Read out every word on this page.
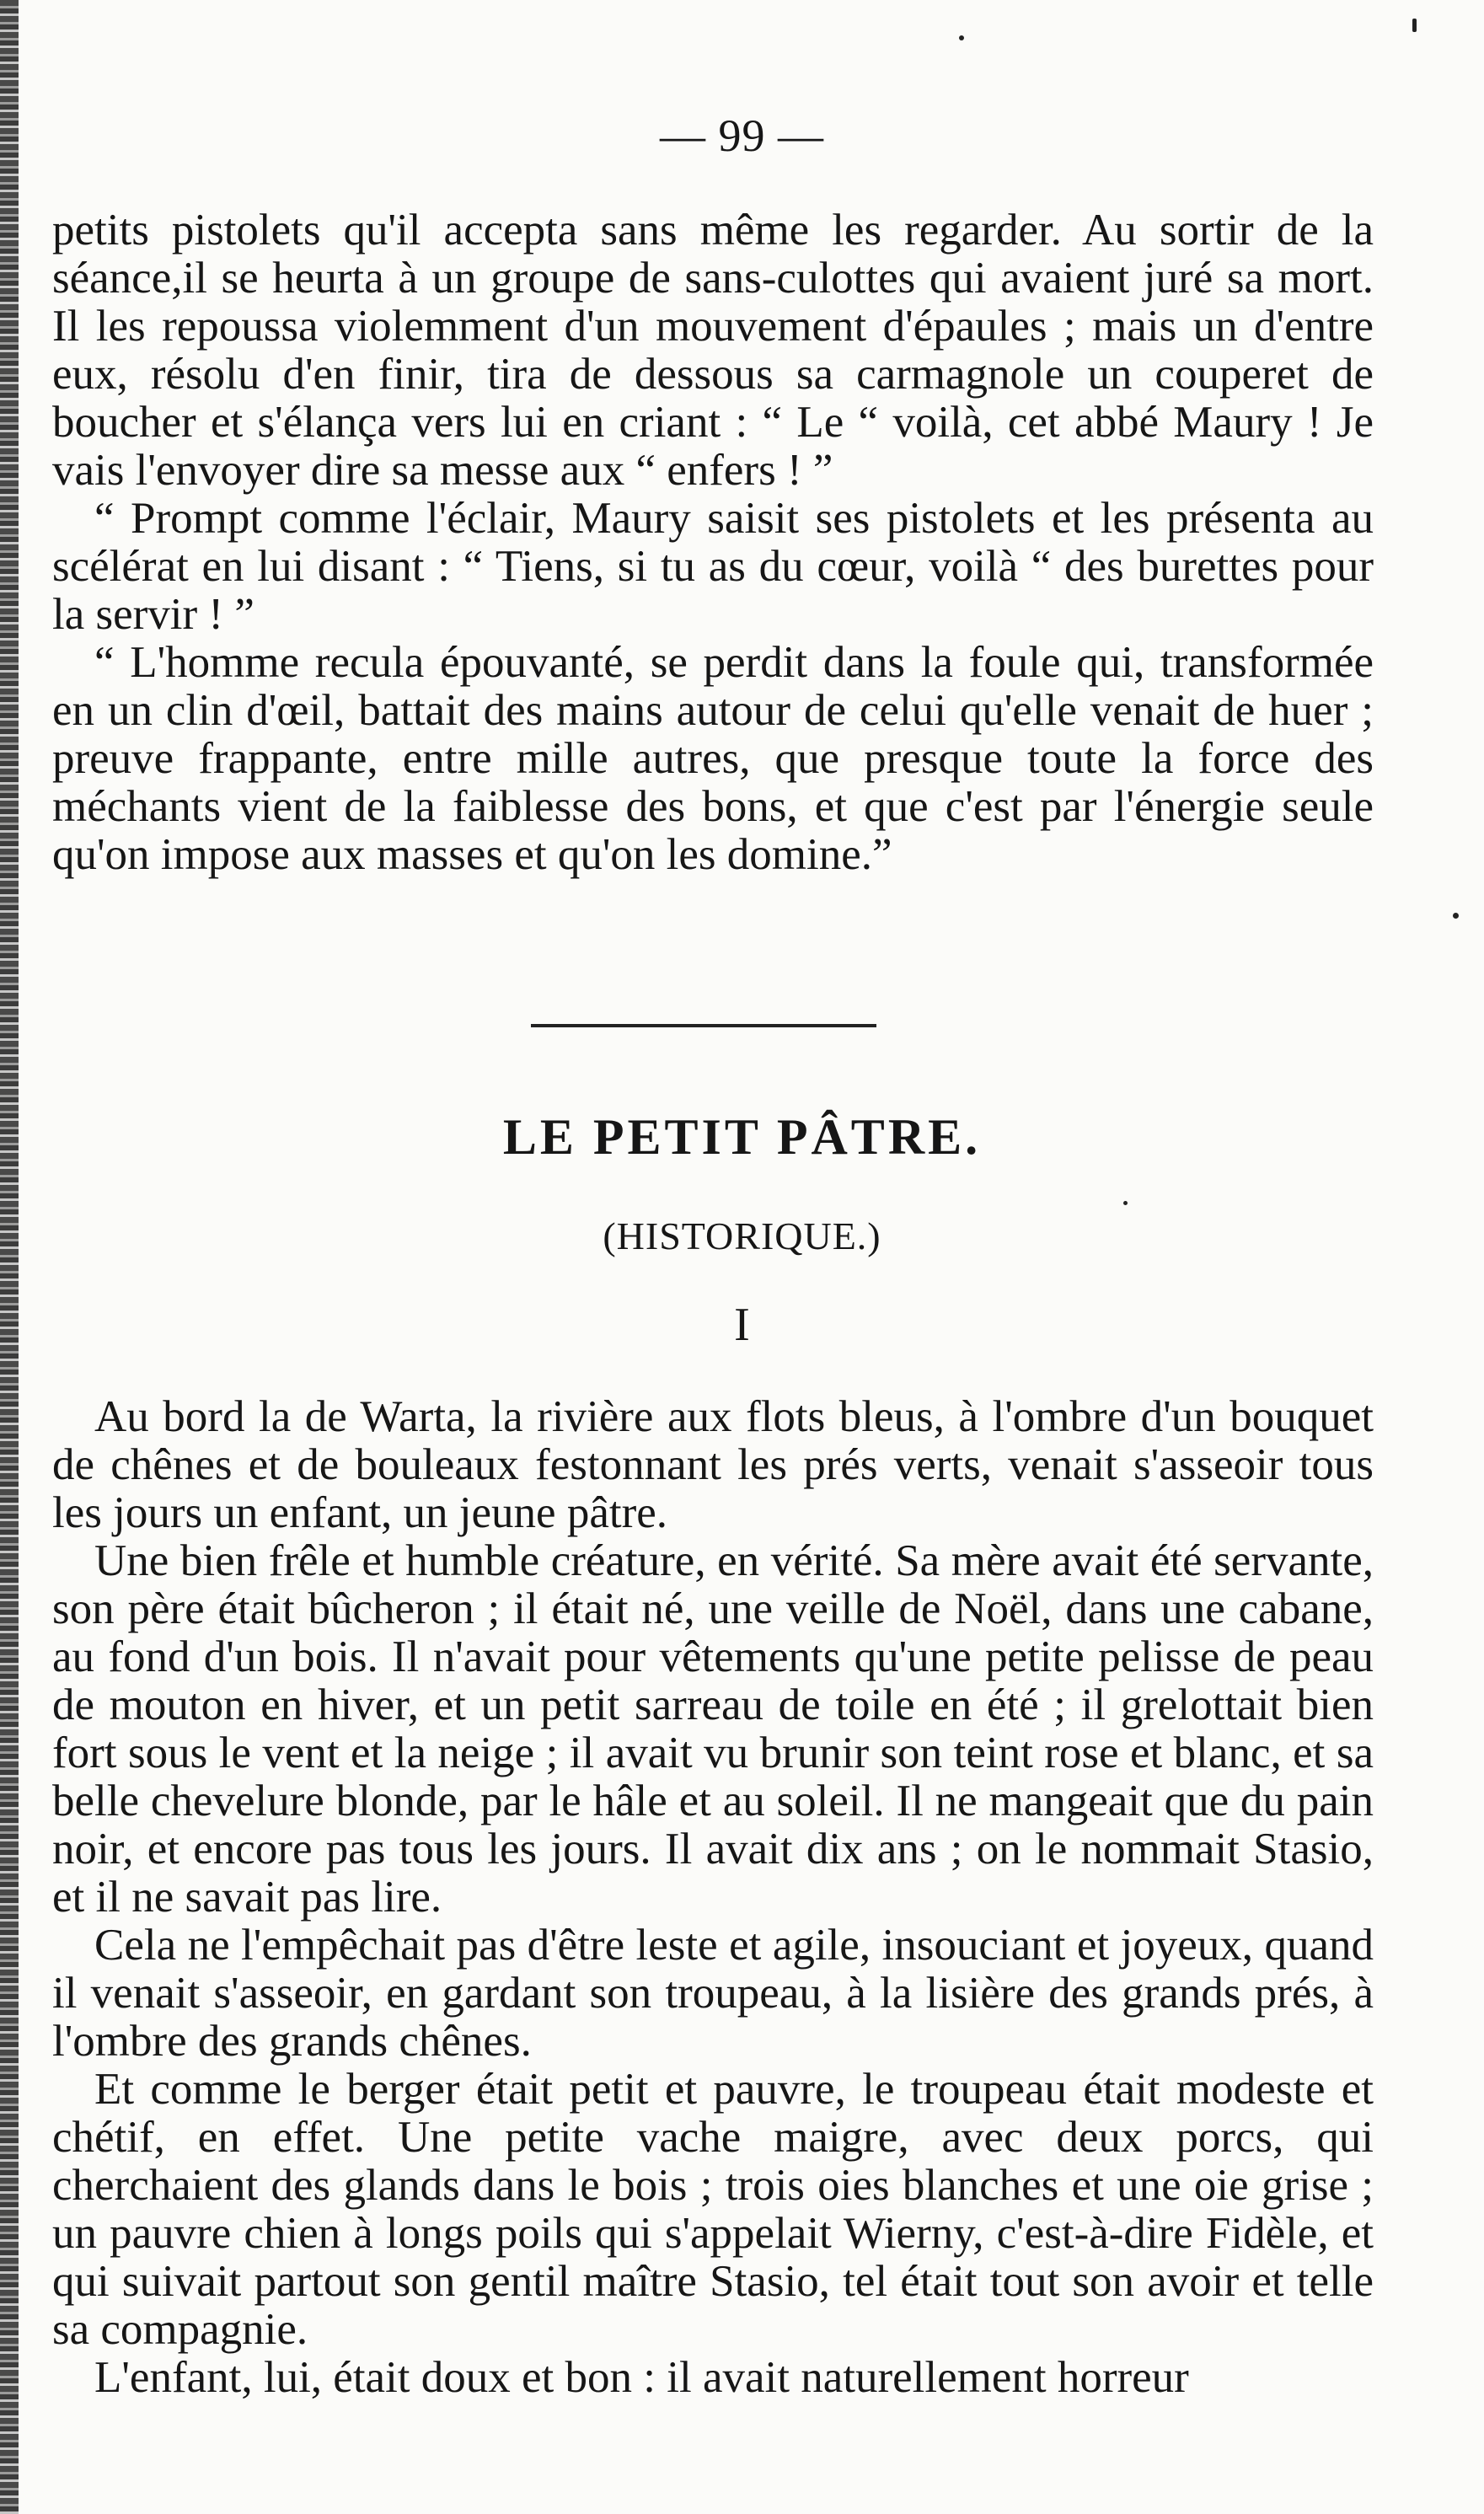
— 99 —

petits pistolets qu'il accepta sans même les regarder. Au sortir de la séance,il se heurta à un groupe de sans-culottes qui avaient juré sa mort. Il les repoussa violemment d'un mouvement d'épaules ; mais un d'entre eux, résolu d'en finir, tira de dessous sa carmagnole un couperet de boucher et s'élança vers lui en criant : “ Le “ voilà, cet abbé Maury ! Je vais l'envoyer dire sa messe aux “ enfers ! ”

“ Prompt comme l'éclair, Maury saisit ses pistolets et les présenta au scélérat en lui disant : “ Tiens, si tu as du cœur, voilà “ des burettes pour la servir ! ”

“ L'homme recula épouvanté, se perdit dans la foule qui, transformée en un clin d'œil, battait des mains autour de celui qu'elle venait de huer ; preuve frappante, entre mille autres, que presque toute la force des méchants vient de la faiblesse des bons, et que c'est par l'énergie seule qu'on impose aux masses et qu'on les domine.”

LE PETIT PÂTRE.

(HISTORIQUE.)

I

Au bord la de Warta, la rivière aux flots bleus, à l'ombre d'un bouquet de chênes et de bouleaux festonnant les prés verts, venait s'asseoir tous les jours un enfant, un jeune pâtre.

Une bien frêle et humble créature, en vérité. Sa mère avait été servante, son père était bûcheron ; il était né, une veille de Noël, dans une cabane, au fond d'un bois. Il n'avait pour vêtements qu'une petite pelisse de peau de mouton en hiver, et un petit sarreau de toile en été ; il grelottait bien fort sous le vent et la neige ; il avait vu brunir son teint rose et blanc, et sa belle chevelure blonde, par le hâle et au soleil. Il ne mangeait que du pain noir, et encore pas tous les jours. Il avait dix ans ; on le nommait Stasio, et il ne savait pas lire.

Cela ne l'empêchait pas d'être leste et agile, insouciant et joyeux, quand il venait s'asseoir, en gardant son troupeau, à la lisière des grands prés, à l'ombre des grands chênes.

Et comme le berger était petit et pauvre, le troupeau était modeste et chétif, en effet. Une petite vache maigre, avec deux porcs, qui cherchaient des glands dans le bois ; trois oies blanches et une oie grise ; un pauvre chien à longs poils qui s'appelait Wierny, c'est-à-dire Fidèle, et qui suivait partout son gentil maître Stasio, tel était tout son avoir et telle sa compagnie.

L'enfant, lui, était doux et bon : il avait naturellement horreur
